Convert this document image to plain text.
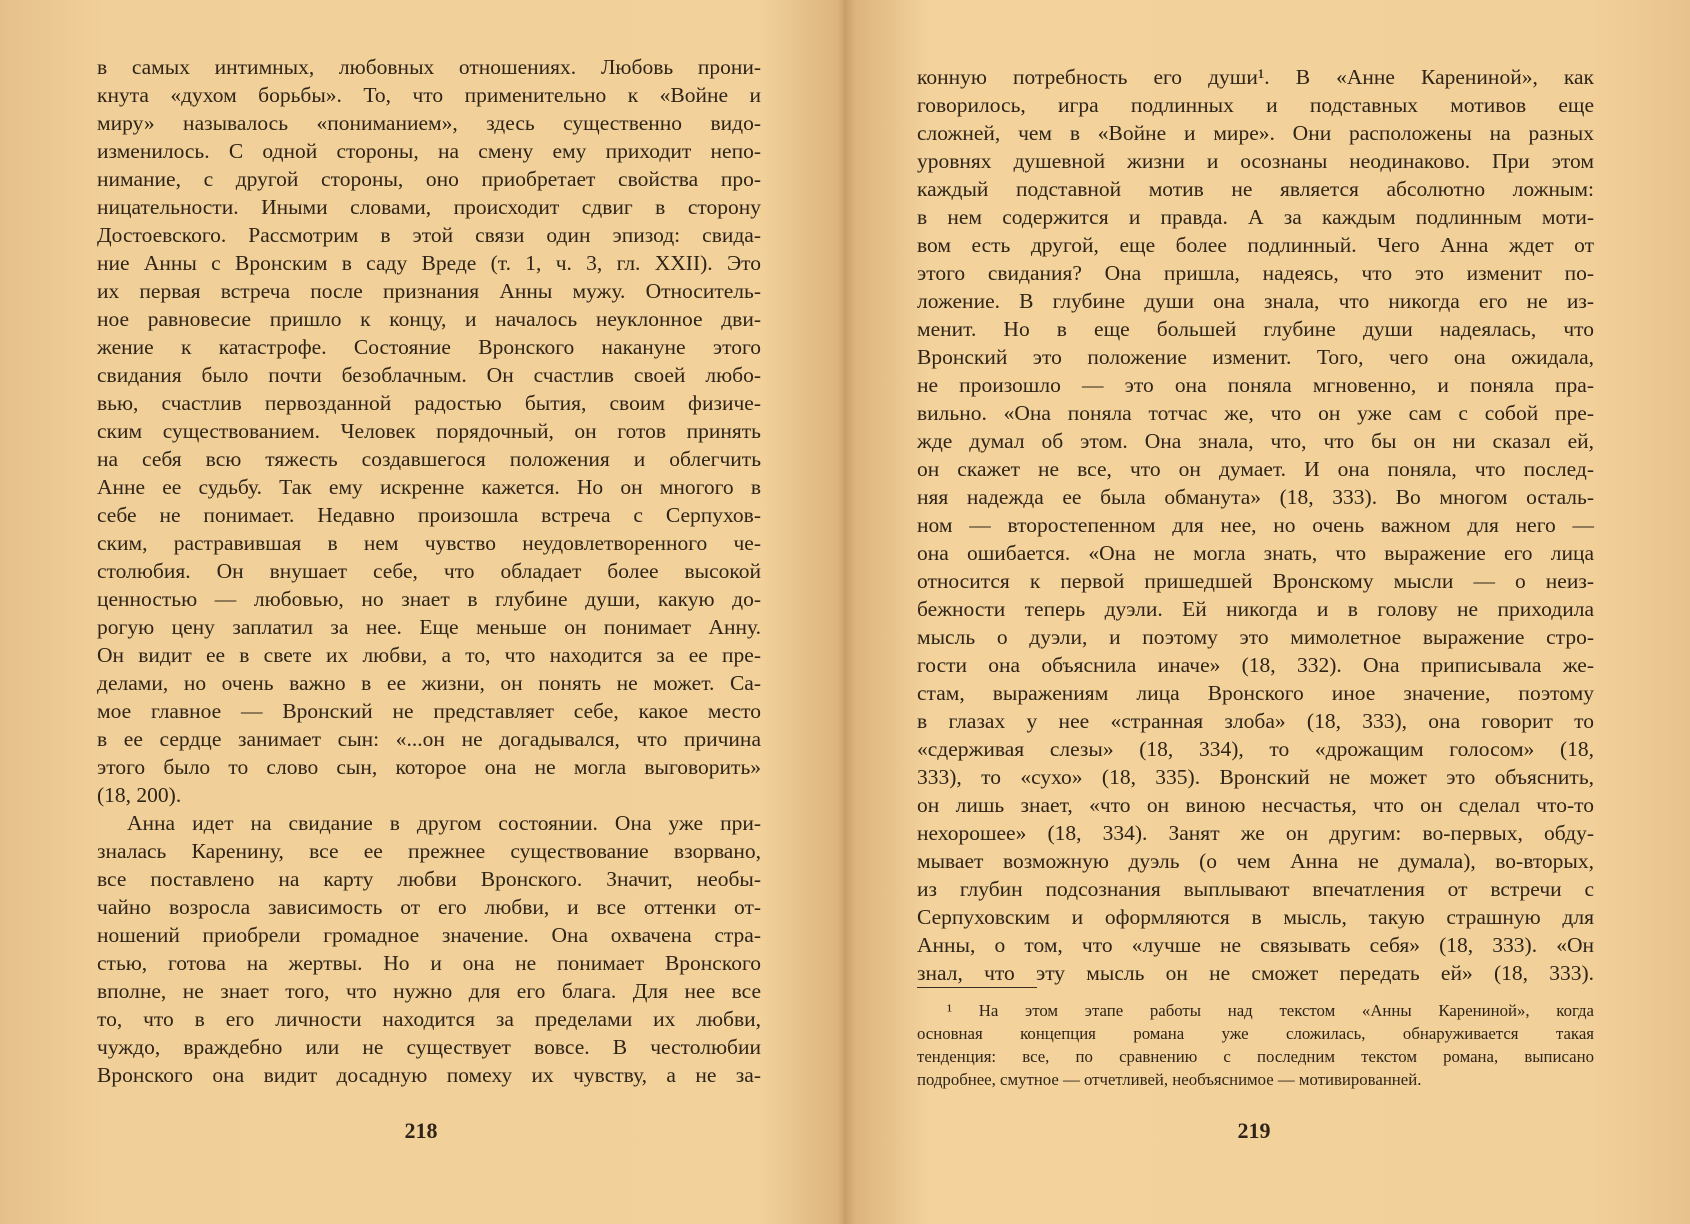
в самых интимных, любовных отношениях. Любовь прони-
кнута «духом борьбы». То, что применительно к «Войне и
миру» называлось «пониманием», здесь существенно видо-
изменилось. С одной стороны, на смену ему приходит непо-
нимание, с другой стороны, оно приобретает свойства про-
ницательности. Иными словами, происходит сдвиг в сторону
Достоевского. Рассмотрим в этой связи один эпизод: свида-
ние Анны с Вронским в саду Вреде (т. 1, ч. 3, гл. XXII). Это
их первая встреча после признания Анны мужу. Относитель-
ное равновесие пришло к концу, и началось неуклонное дви-
жение к катастрофе. Состояние Вронского накануне этого
свидания было почти безоблачным. Он счастлив своей любо-
вью, счастлив первозданной радостью бытия, своим физиче-
ским существованием. Человек порядочный, он готов принять
на себя всю тяжесть создавшегося положения и облегчить
Анне ее судьбу. Так ему искренне кажется. Но он многого в
себе не понимает. Недавно произошла встреча с Серпухов-
ским, растравившая в нем чувство неудовлетворенного че-
столюбия. Он внушает себе, что обладает более высокой
ценностью — любовью, но знает в глубине души, какую до-
рогую цену заплатил за нее. Еще меньше он понимает Анну.
Он видит ее в свете их любви, а то, что находится за ее пре-
делами, но очень важно в ее жизни, он понять не может. Са-
мое главное — Вронский не представляет себе, какое место
в ее сердце занимает сын: «...он не догадывался, что причина
этого было то слово сын, которое она не могла выговорить»
(18, 200).
Анна идет на свидание в другом состоянии. Она уже при-
зналась Каренину, все ее прежнее существование взорвано,
все поставлено на карту любви Вронского. Значит, необы-
чайно возросла зависимость от его любви, и все оттенки от-
ношений приобрели громадное значение. Она охвачена стра-
стью, готова на жертвы. Но и она не понимает Вронского
вполне, не знает того, что нужно для его блага. Для нее все
то, что в его личности находится за пределами их любви,
чуждо, враждебно или не существует вовсе. В честолюбии
Вронского она видит досадную помеху их чувству, а не за-
218
конную потребность его души¹. В «Анне Карениной», как
говорилось, игра подлинных и подставных мотивов еще
сложней, чем в «Войне и мире». Они расположены на разных
уровнях душевной жизни и осознаны неодинаково. При этом
каждый подставной мотив не является абсолютно ложным:
в нем содержится и правда. А за каждым подлинным моти-
вом есть другой, еще более подлинный. Чего Анна ждет от
этого свидания? Она пришла, надеясь, что это изменит по-
ложение. В глубине души она знала, что никогда его не из-
менит. Но в еще большей глубине души надеялась, что
Вронский это положение изменит. Того, чего она ожидала,
не произошло — это она поняла мгновенно, и поняла пра-
вильно. «Она поняла тотчас же, что он уже сам с собой пре-
жде думал об этом. Она знала, что, что бы он ни сказал ей,
он скажет не все, что он думает. И она поняла, что послед-
няя надежда ее была обманута» (18, 333). Во многом осталь-
ном — второстепенном для нее, но очень важном для него —
она ошибается. «Она не могла знать, что выражение его лица
относится к первой пришедшей Вронскому мысли — о неиз-
бежности теперь дуэли. Ей никогда и в голову не приходила
мысль о дуэли, и поэтому это мимолетное выражение стро-
гости она объяснила иначе» (18, 332). Она приписывала же-
стам, выражениям лица Вронского иное значение, поэтому
в глазах у нее «странная злоба» (18, 333), она говорит то
«сдерживая слезы» (18, 334), то «дрожащим голосом» (18,
333), то «сухо» (18, 335). Вронский не может это объяснить,
он лишь знает, «что он виною несчастья, что он сделал что-то
нехорошее» (18, 334). Занят же он другим: во-первых, обду-
мывает возможную дуэль (о чем Анна не думала), во-вторых,
из глубин подсознания выплывают впечатления от встречи с
Серпуховским и оформляются в мысль, такую страшную для
Анны, о том, что «лучше не связывать себя» (18, 333). «Он
знал, что эту мысль он не сможет передать ей» (18, 333).
¹ На этом этапе работы над текстом «Анны Карениной», когда
основная концепция романа уже сложилась, обнаруживается такая
тенденция: все, по сравнению с последним текстом романа, выписано
подробнее, смутное — отчетливей, необъяснимое — мотивированней.
219
